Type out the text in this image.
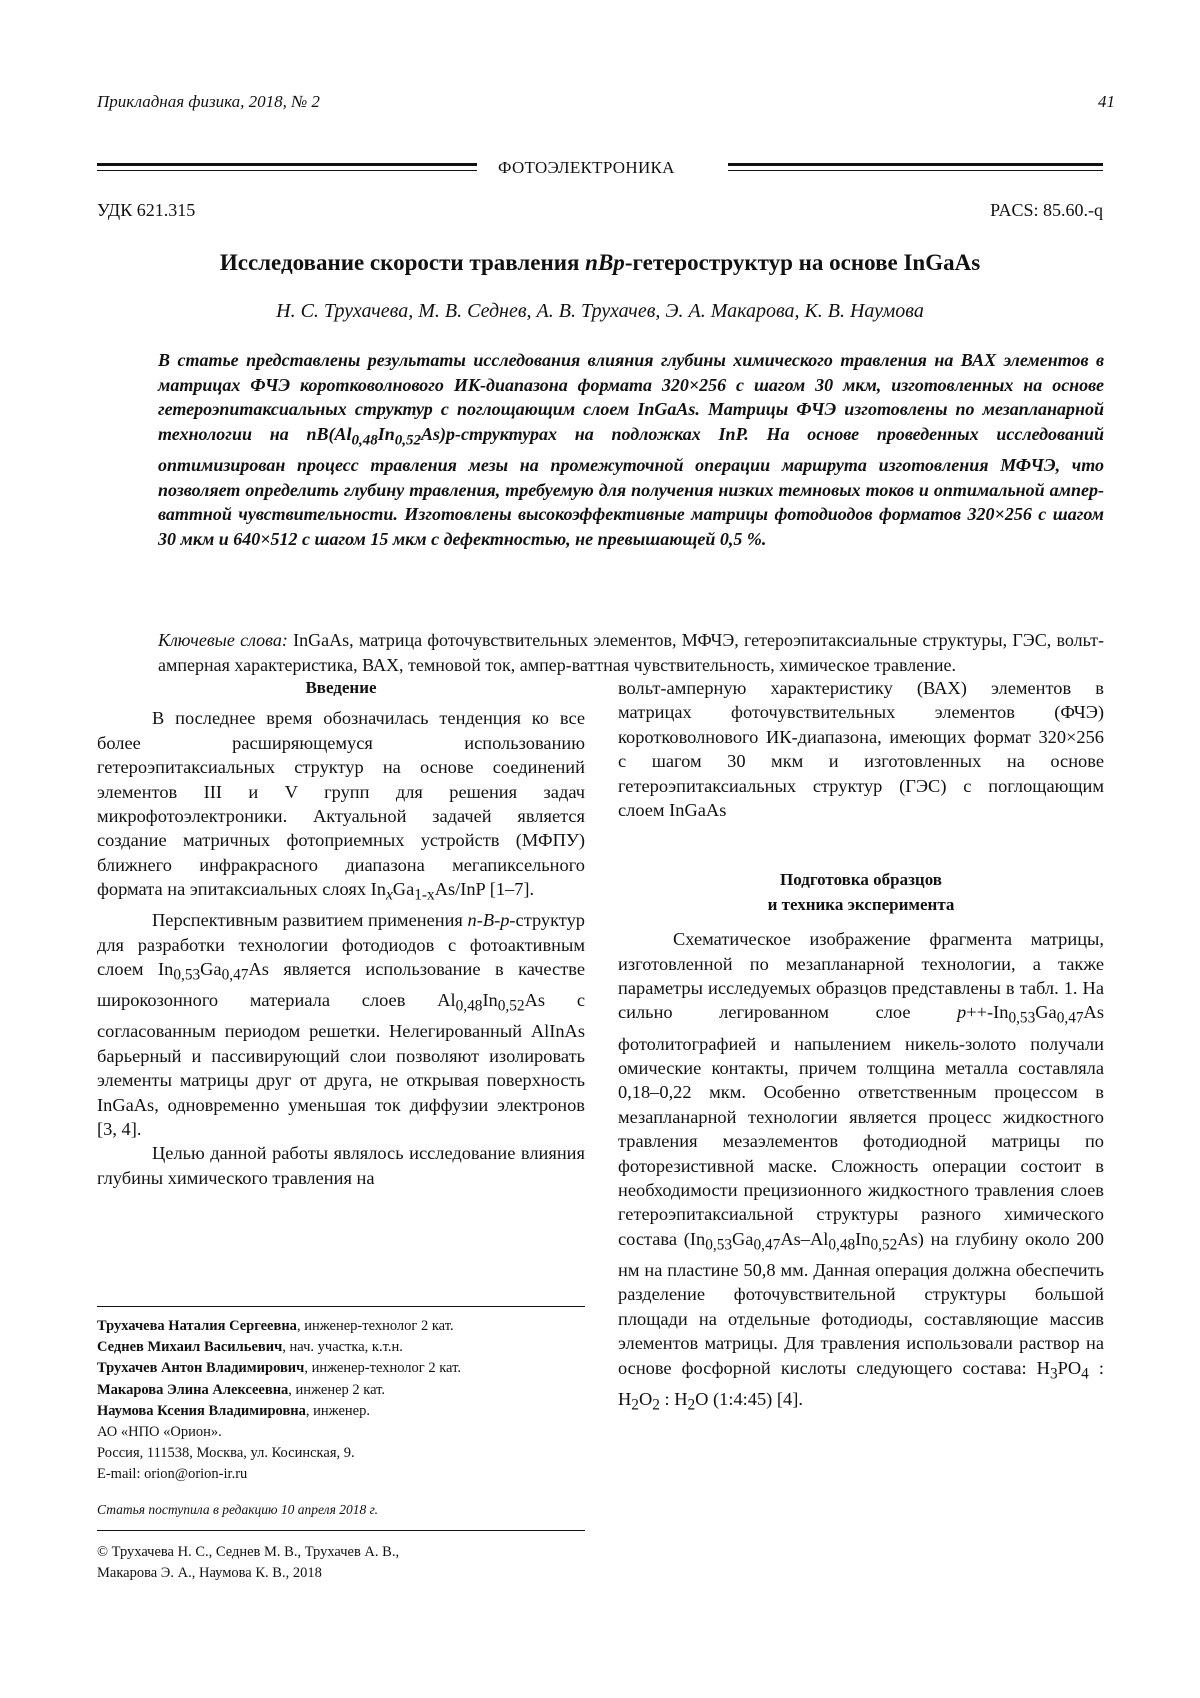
Прикладная физика, 2018, № 2	41
ФОТОЭЛЕКТРОНИКА
УДК 621.315	PACS: 85.60.-q
Исследование скорости травления nBp-гетероструктур на основе InGaAs
Н. С. Трухачева, М. В. Седнев, А. В. Трухачев, Э. А. Макарова, К. В. Наумова
В статье представлены результаты исследования влияния глубины химического травления на ВАХ элементов в матрицах ФЧЭ коротковолнового ИК-диапазона формата 320×256 с шагом 30 мкм, изготовленных на основе гетероэпитаксиальных структур с поглощающим слоем InGaAs. Матрицы ФЧЭ изготовлены по мезапланарной технологии на $nB(Al_{0,48}In_{0,52}As)p$-структурах на подложках InP. На основе проведенных исследований оптимизирован процесс травления мезы на промежуточной операции маршрута изготовления МФЧЭ, что позволяет определить глубину травления, требуемую для получения низких темновых токов и оптимальной ампер-ваттной чувствительности. Изготовлены высокоэффективные матрицы фотодиодов форматов 320×256 с шагом 30 мкм и 640×512 с шагом 15 мкм с дефектностью, не превышающей 0,5 %.
Ключевые слова: InGaAs, матрица фоточувствительных элементов, МФЧЭ, гетероэпитаксиальные структуры, ГЭС, вольт-амперная характеристика, ВАХ, темновой ток, ампер-ваттная чувствительность, химическое травление.
Введение

В последнее время обозначилась тенденция ко все более расширяющемуся использованию гетероэпитаксиальных структур на основе соединений элементов III и V групп для решения задач микрофотоэлектроники. Актуальной задачей является создание матричных фотоприемных устройств (МФПУ) ближнего инфракрасного диапазона мегапиксельного формата на эпитаксиальных слоях $In_xGa_{1-x}As$/InP [1–7].

Перспективным развитием применения n-B-p-структур для разработки технологии фотодиодов с фотоактивным слоем $In_{0,53}Ga_{0,47}As$ является использование в качестве широкозонного материала слоев $Al_{0,48}In_{0,52}As$ с согласованным периодом решетки. Нелегированный AlInAs барьерный и пассивирующий слои позволяют изолировать элементы матрицы друг от друга, не открывая поверхность InGaAs, одновременно уменьшая ток диффузии электронов [3, 4].

Целью данной работы являлось исследование влияния глубины химического травления на

Трухачева Наталия Сергеевна, инженер-технолог 2 кат.
Седнев Михаил Васильевич, нач. участка, к.т.н.
Трухачев Антон Владимирович, инженер-технолог 2 кат.
Макарова Элина Алексеевна, инженер 2 кат.
Наумова Ксения Владимировна, инженер.
АО «НПО «Орион».
Россия, 111538, Москва, ул. Косинская, 9.
E-mail: orion@orion-ir.ru
Статья поступила в редакцию 10 апреля 2018 г.
© Трухачева Н. С., Седнев М. В., Трухачев А. В.,
Макарова Э. А., Наумова К. В., 2018

вольт-амперную характеристику (ВАХ) элементов в матрицах фоточувствительных элементов (ФЧЭ) коротковолнового ИК-диапазона, имеющих формат 320×256 с шагом 30 мкм и изготовленных на основе гетероэпитаксиальных структур (ГЭС) с поглощающим слоем InGaAs

Подготовка образцов
и техника эксперимента

Схематическое изображение фрагмента матрицы, изготовленной по мезапланарной технологии, а также параметры исследуемых образцов представлены в табл. 1. На сильно легированном слое $p++-In_{0,53}Ga_{0,47}As$ фотолитографией и напылением никель-золото получали омические контакты, причем толщина металла составляла 0,18–0,22 мкм. Особенно ответственным процессом в мезапланарной технологии является процесс жидкостного травления мезаэлементов фотодиодной матрицы по фоторезистивной маске. Сложность операции состоит в необходимости прецизионного жидкостного травления слоев гетероэпитаксиальной структуры разного химического состава $(In_{0,53}Ga_{0,47}As-Al_{0,48}In_{0,52}As)$ на глубину около 200 нм на пластине 50,8 мм. Данная операция должна обеспечить разделение фоточувствительной структуры большой площади на отдельные фотодиоды, составляющие массив элементов матрицы. Для травления использовали раствор на основе фосфорной кислоты следующего состава: $H_3PO_4$ : $H_2O_2$ : $H_2O$ (1:4:45) [4].
